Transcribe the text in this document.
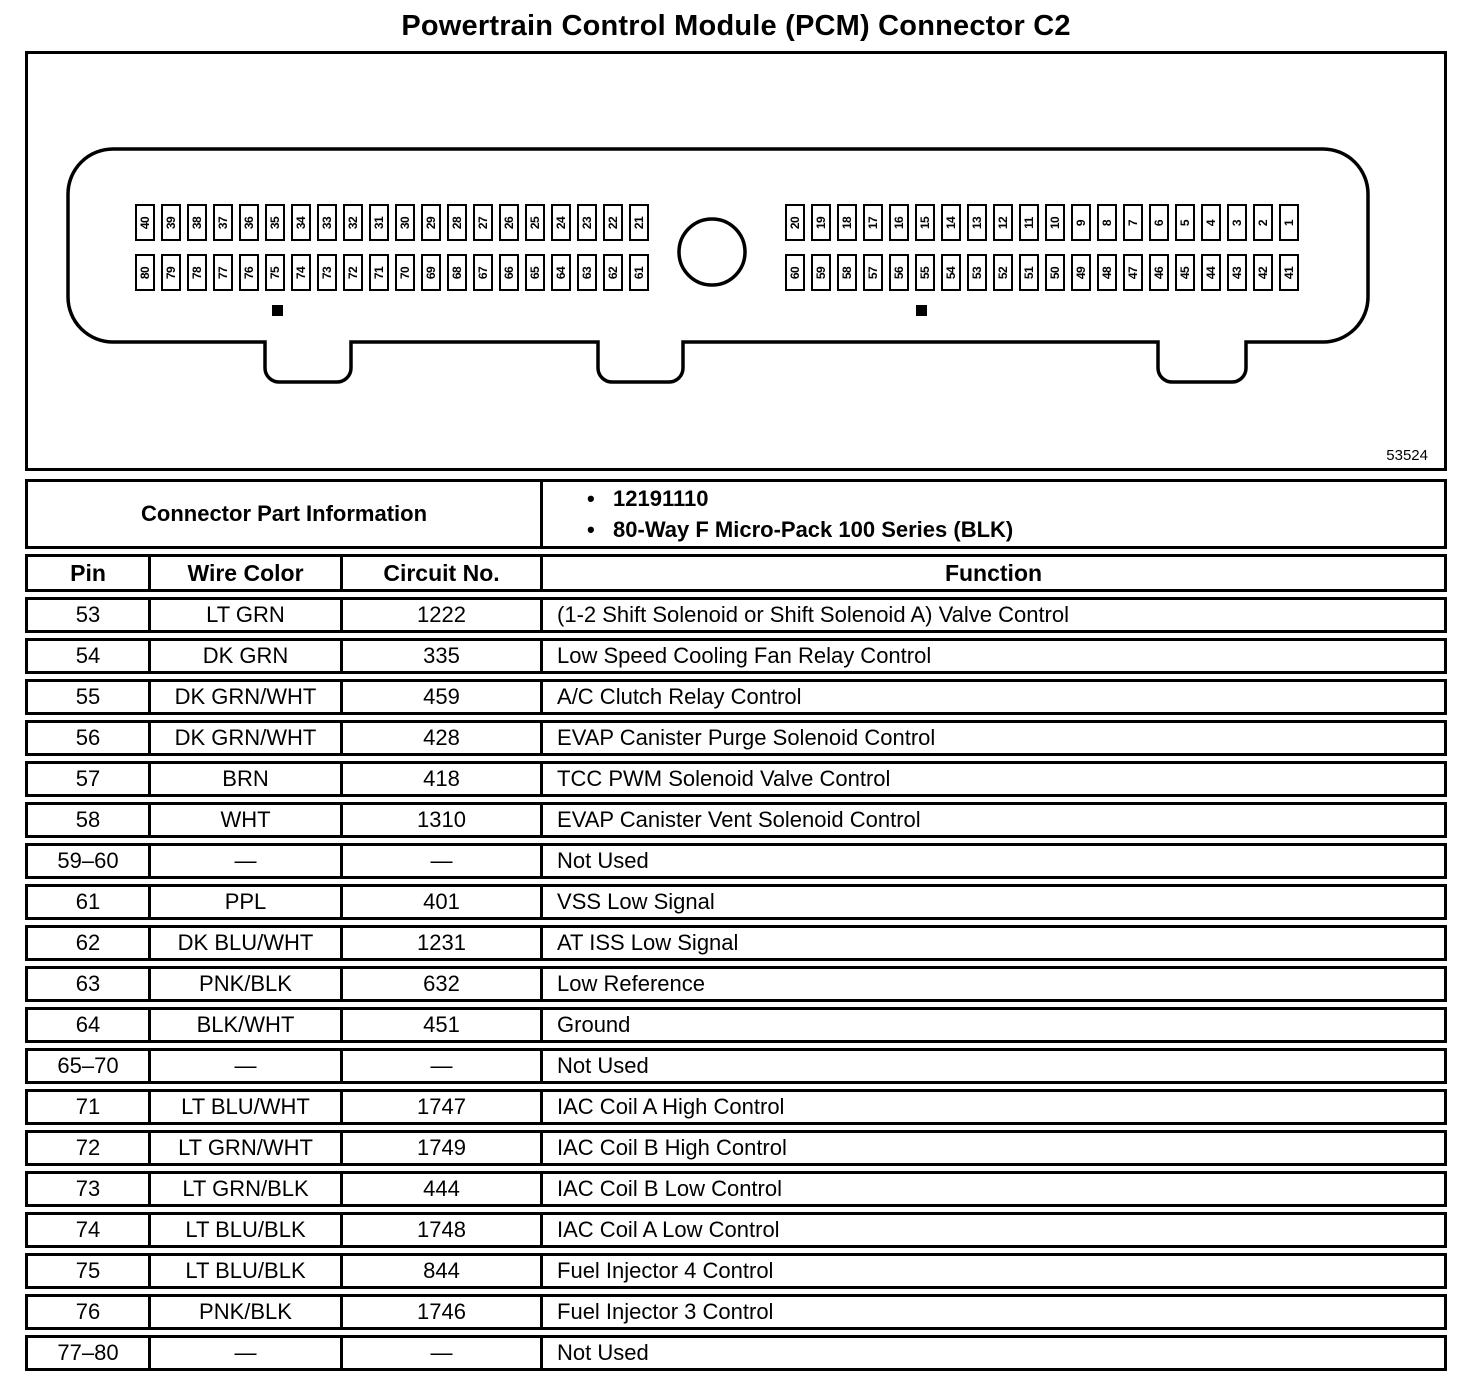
Powertrain Control Module (PCM) Connector C2
40 39 38 37 36 35 34 33 32 31 30 29 28 27 26 25 24 23 22 21
80 79 78 77 76 75 74 73 72 71 70 69 68 67 66 65 64 63 62 61
20 19 18 17 16 15 14 13 12 11 10 9 8 7 6 5 4 3 2 1
60 59 58 57 56 55 54 53 52 51 50 49 48 47 46 45 44 43 42 41
53524
Connector Part Information			• 12191110
• 80-Way F Micro-Pack 100 Series (BLK)

Pin	Wire Color	Circuit No.	Function
53	LT GRN	1222	(1-2 Shift Solenoid or Shift Solenoid A) Valve Control
54	DK GRN	335	Low Speed Cooling Fan Relay Control
55	DK GRN/WHT	459	A/C Clutch Relay Control
56	DK GRN/WHT	428	EVAP Canister Purge Solenoid Control
57	BRN	418	TCC PWM Solenoid Valve Control
58	WHT	1310	EVAP Canister Vent Solenoid Control
59–60	—	—	Not Used
61	PPL	401	VSS Low Signal
62	DK BLU/WHT	1231	AT ISS Low Signal
63	PNK/BLK	632	Low Reference
64	BLK/WHT	451	Ground
65–70	—	—	Not Used
71	LT BLU/WHT	1747	IAC Coil A High Control
72	LT GRN/WHT	1749	IAC Coil B High Control
73	LT GRN/BLK	444	IAC Coil B Low Control
74	LT BLU/BLK	1748	IAC Coil A Low Control
75	LT BLU/BLK	844	Fuel Injector 4 Control
76	PNK/BLK	1746	Fuel Injector 3 Control
77–80	—	—	Not Used
